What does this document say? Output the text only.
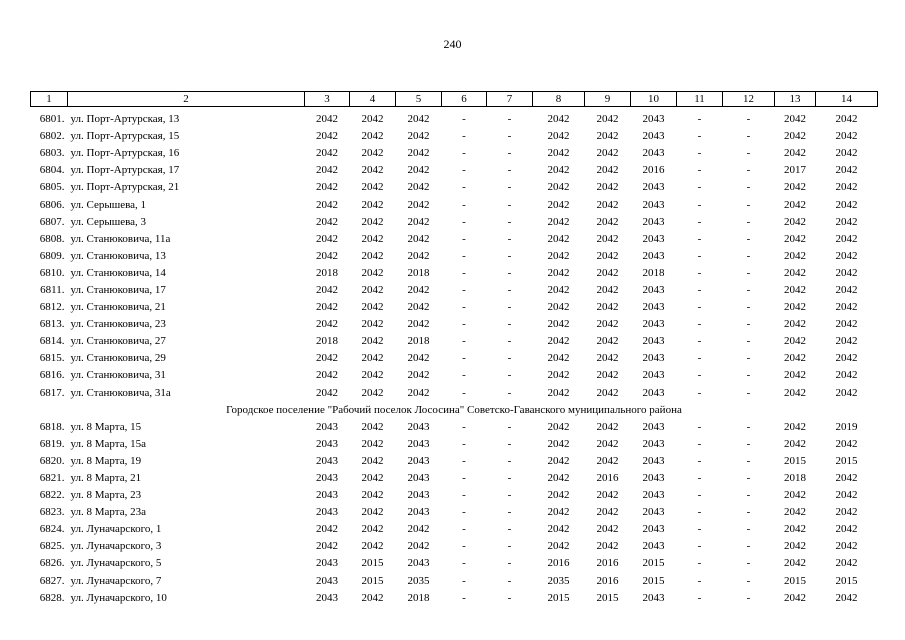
240
1	2	3	4	5	6	7	8	9	10	11	12	13	14
6801.	ул. Порт-Артурская, 13	2042	2042	2042	-	-	2042	2042	2043	-	-	2042	2042
6802.	ул. Порт-Артурская, 15	2042	2042	2042	-	-	2042	2042	2043	-	-	2042	2042
6803.	ул. Порт-Артурская, 16	2042	2042	2042	-	-	2042	2042	2043	-	-	2042	2042
6804.	ул. Порт-Артурская, 17	2042	2042	2042	-	-	2042	2042	2016	-	-	2017	2042
6805.	ул. Порт-Артурская, 21	2042	2042	2042	-	-	2042	2042	2043	-	-	2042	2042
6806.	ул. Серышева, 1	2042	2042	2042	-	-	2042	2042	2043	-	-	2042	2042
6807.	ул. Серышева, 3	2042	2042	2042	-	-	2042	2042	2043	-	-	2042	2042
6808.	ул. Станюковича, 11а	2042	2042	2042	-	-	2042	2042	2043	-	-	2042	2042
6809.	ул. Станюковича, 13	2042	2042	2042	-	-	2042	2042	2043	-	-	2042	2042
6810.	ул. Станюковича, 14	2018	2042	2018	-	-	2042	2042	2018	-	-	2042	2042
6811.	ул. Станюковича, 17	2042	2042	2042	-	-	2042	2042	2043	-	-	2042	2042
6812.	ул. Станюковича, 21	2042	2042	2042	-	-	2042	2042	2043	-	-	2042	2042
6813.	ул. Станюковича, 23	2042	2042	2042	-	-	2042	2042	2043	-	-	2042	2042
6814.	ул. Станюковича, 27	2018	2042	2018	-	-	2042	2042	2043	-	-	2042	2042
6815.	ул. Станюковича, 29	2042	2042	2042	-	-	2042	2042	2043	-	-	2042	2042
6816.	ул. Станюковича, 31	2042	2042	2042	-	-	2042	2042	2043	-	-	2042	2042
6817.	ул. Станюковича, 31а	2042	2042	2042	-	-	2042	2042	2043	-	-	2042	2042
Городское поселение "Рабочий поселок Лососина" Советско-Гаванского муниципального района													
6818.	ул. 8 Марта, 15	2043	2042	2043	-	-	2042	2042	2043	-	-	2042	2019
6819.	ул. 8 Марта, 15а	2043	2042	2043	-	-	2042	2042	2043	-	-	2042	2042
6820.	ул. 8 Марта, 19	2043	2042	2043	-	-	2042	2042	2043	-	-	2015	2015
6821.	ул. 8 Марта, 21	2043	2042	2043	-	-	2042	2016	2043	-	-	2018	2042
6822.	ул. 8 Марта, 23	2043	2042	2043	-	-	2042	2042	2043	-	-	2042	2042
6823.	ул. 8 Марта, 23а	2043	2042	2043	-	-	2042	2042	2043	-	-	2042	2042
6824.	ул. Луначарского, 1	2042	2042	2042	-	-	2042	2042	2043	-	-	2042	2042
6825.	ул. Луначарского, 3	2042	2042	2042	-	-	2042	2042	2043	-	-	2042	2042
6826.	ул. Луначарского, 5	2043	2015	2043	-	-	2016	2016	2015	-	-	2042	2042
6827.	ул. Луначарского, 7	2043	2015	2035	-	-	2035	2016	2015	-	-	2015	2015
6828.	ул. Луначарского, 10	2043	2042	2018	-	-	2015	2015	2043	-	-	2042	2042
